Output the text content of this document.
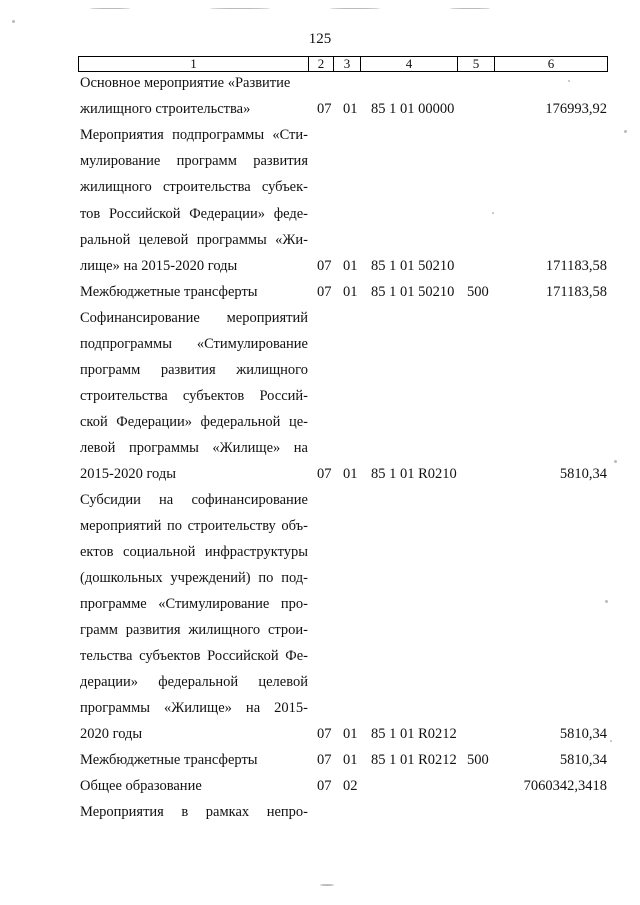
125
1	2	3	4	5	6
Основное мероприятие «Развитие
жилищного строительства»	07 01 85 1 01 00000	176993,92
Мероприятия подпрограммы «Сти-
мулирование программ развития
жилищного строительства субъек-
тов Российской Федерации» феде-
ральной целевой программы «Жи-
лище» на 2015-2020 годы	07 01 85 1 01 50210	171183,58
Межбюджетные трансферты	07 01 85 1 01 50210 500	171183,58
Софинансирование мероприятий
подпрограммы «Стимулирование
программ развития жилищного
строительства субъектов Россий-
ской Федерации» федеральной це-
левой программы «Жилище» на
2015-2020 годы	07 01 85 1 01 R0210	5810,34
Субсидии на софинансирование
мероприятий по строительству объ-
ектов социальной инфраструктуры
(дошкольных учреждений) по под-
программе «Стимулирование про-
грамм развития жилищного строи-
тельства субъектов Российской Фе-
дерации» федеральной целевой
программы «Жилище» на 2015-
2020 годы	07 01 85 1 01 R0212	5810,34
Межбюджетные трансферты	07 01 85 1 01 R0212 500	5810,34
Общее образование	07 02	7060342,3418
Мероприятия в рамках непро-
